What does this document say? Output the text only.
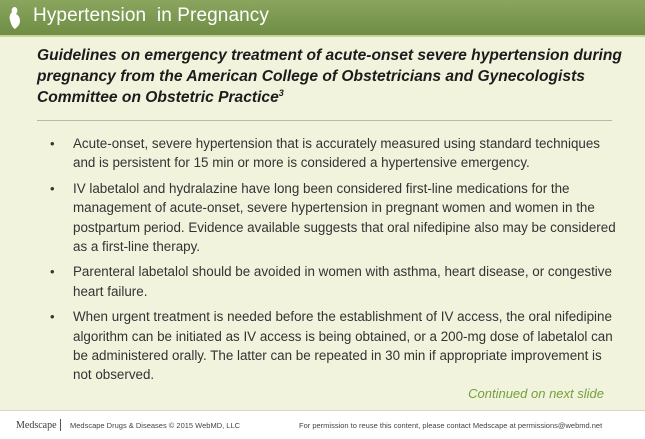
Hypertension  in Pregnancy
Guidelines on emergency treatment of acute-onset severe hypertension during pregnancy from the American College of Obstetricians and Gynecologists Committee on Obstetric Practice$^3$
• Acute-onset, severe hypertension that is accurately measured using standard techniques and is persistent for 15 min or more is considered a hypertensive emergency.
• IV labetalol and hydralazine have long been considered first-line medications for the management of acute-onset, severe hypertension in pregnant women and women in the postpartum period. Evidence available suggests that oral nifedipine also may be considered as a first-line therapy.
• Parenteral labetalol should be avoided in women with asthma, heart disease, or congestive heart failure.
• When urgent treatment is needed before the establishment of IV access, the oral nifedipine algorithm can be initiated as IV access is being obtained, or a 200-mg dose of labetalol can be administered orally. The latter can be repeated in 30 min if appropriate improvement is not observed.
Continued on next slide
Medscape Medscape Drugs & Diseases © 2015 WebMD, LLC	For permission to reuse this content, please contact Medscape at permissions@webmd.net
